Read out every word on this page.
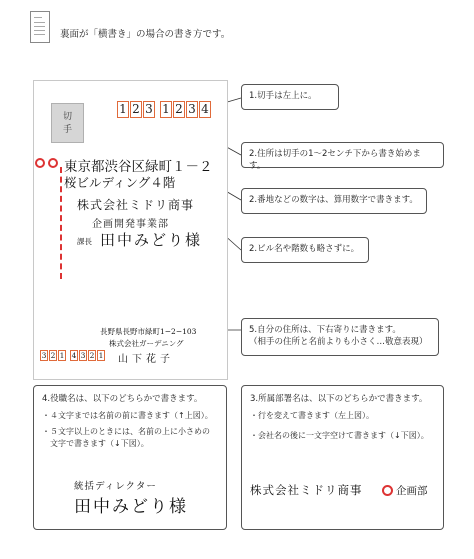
裏面が「横書き」の場合の書き方です。
切
手
1 2 3 1 2 3 4
東京都渋谷区緑町１－２
桜ビルディング４階
株式会社ミドリ商事
企画開発事業部
課長 田中みどり様
長野県長野市緑町1−2−103
株式会社ガーデニング
山下花子
3 2 1 4 3 2 1
1.切手は左上に。
2.住所は切手の1～2センチ下から書き始めます。
2.番地などの数字は、算用数字で書きます。
2.ビル名や階数も略さずに。
5.自分の住所は、下右寄りに書きます。
（相手の住所と名前よりも小さく…敬意表現）
4.役職名は、以下のどちらかで書きます。
・４文字までは名前の前に書きます（↑上図）。
・５文字以上のときには、名前の上に小さめの
文字で書きます（↓下図）。
統括ディレクター
田中みどり様
3.所属部署名は、以下のどちらかで書きます。
・行を変えて書きます（左上図）。
・会社名の後に一文字空けて書きます（↓下図）。
株式会社ミドリ商事	企画部
